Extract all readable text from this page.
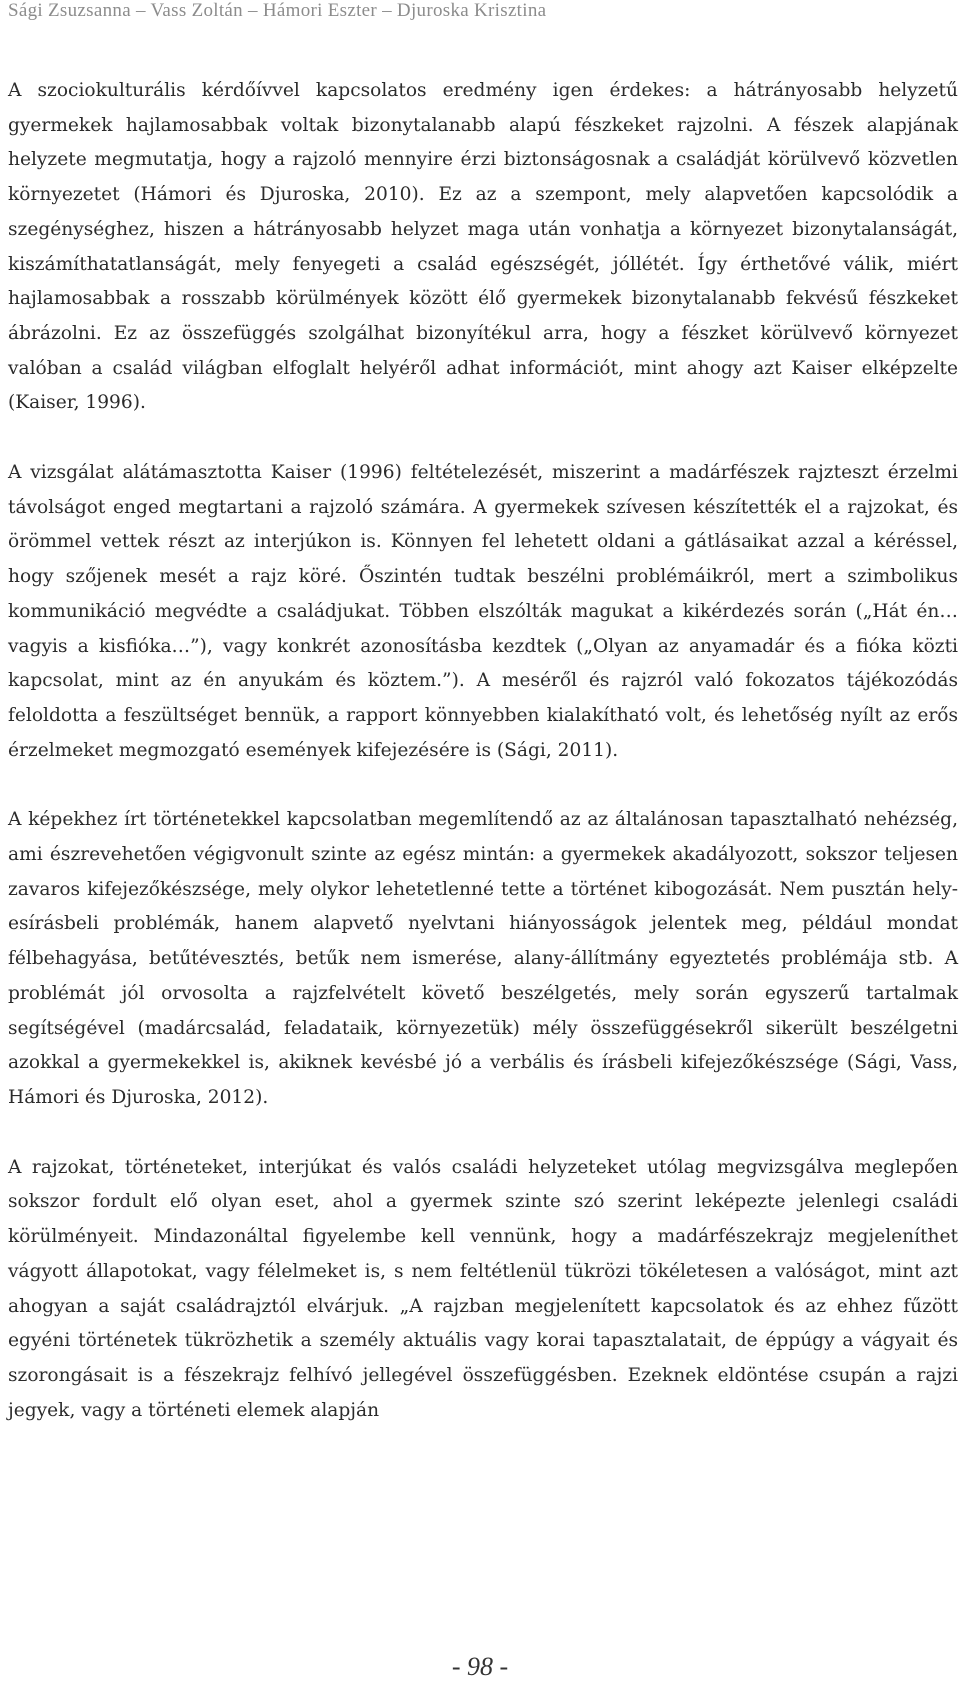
Sági Zsuzsanna – Vass Zoltán – Hámori Eszter – Djuroska Krisztina

A szociokulturális kérdőívvel kapcsolatos eredmény igen érdekes: a hátrányosabb helyzetű gyermekek hajlamosabbak voltak bizonytalanabb alapú fészkeket rajzolni. A fészek alapjának helyzete megmutatja, hogy a rajzoló mennyire érzi biztonságosnak a családját körülvevő közvetlen környezetet (Hámori és Djuroska, 2010). Ez az a szempont, mely alapvetően kapcsolódik a szegénységhez, hiszen a hátrányosabb helyzet maga után vonhatja a környezet bizonytalanságát, kiszámíthatatlanságát, mely fenyegeti a család egészségét, jóllétét. Így érthetővé válik, miért hajlamosabbak a rosszabb körülmények között élő gyermekek bizonytalanabb fekvésű fészkeket ábrázolni. Ez az összefüggés szolgálhat bizonyítékul arra, hogy a fészket körülvevő környezet valóban a család világban elfoglalt helyéről adhat információt, mint ahogy azt Kaiser elképzelte (Kaiser, 1996).

A vizsgálat alátámasztotta Kaiser (1996) feltételezését, miszerint a madárfészek rajzteszt érzelmi távolságot enged megtartani a rajzoló számára. A gyermekek szívesen készítették el a rajzokat, és örömmel vettek részt az interjúkon is. Könnyen fel lehetett oldani a gátlásaikat azzal a kéréssel, hogy szőjenek mesét a rajz köré. Őszintén tudtak beszélni problémáikról, mert a szimbolikus kommunikáció megvédte a családjukat. Többen elszólták magukat a kikérdezés során („Hát én… vagyis a kisfióka…”), vagy konkrét azonosításba kezdtek („Olyan az anyamadár és a fióka közti kapcsolat, mint az én anyukám és köztem.”). A meséről és rajzról való fokozatos tájékozódás feloldotta a feszültséget bennük, a rapport könnyebben kialakítható volt, és lehetőség nyílt az erős érzelmeket megmozgató események kifejezésére is (Sági, 2011).

A képekhez írt történetekkel kapcsolatban megemlítendő az az általánosan tapasztalható nehézség, ami észrevehetően végigvonult szinte az egész mintán: a gyermekek akadályozott, sokszor teljesen zavaros kifejezőkészsége, mely olykor lehetetlenné tette a történet kibogozását. Nem pusztán helyesírásbeli problémák, hanem alapvető nyelvtani hiányosságok jelentek meg, például mondat félbehagyása, betűtévesztés, betűk nem ismerése, alany-állítmány egyeztetés problémája stb. A problémát jól orvosolta a rajzfelvételt követő beszélgetés, mely során egyszerű tartalmak segítségével (madárcsalád, feladataik, környezetük) mély összefüggésekről sikerült beszélgetni azokkal a gyermekekkel is, akiknek kevésbé jó a verbális és írásbeli kifejezőkészsége (Sági, Vass, Hámori és Djuroska, 2012).

A rajzokat, történeteket, interjúkat és valós családi helyzeteket utólag megvizsgálva meglepően sokszor fordult elő olyan eset, ahol a gyermek szinte szó szerint leképezte jelenlegi családi körülményeit. Mindazonáltal figyelembe kell vennünk, hogy a madárfészekrajz megjeleníthet vágyott állapotokat, vagy félelmeket is, s nem feltétlenül tükrözi tökéletesen a valóságot, mint azt ahogyan a saját családrajztól elvárjuk. „A rajzban megjelenített kapcsolatok és az ehhez fűzött egyéni történetek tükrözhetik a személy aktuális vagy korai tapasztalatait, de éppúgy a vágyait és szorongásait is a fészekrajz felhívó jellegével összefüggésben. Ezeknek eldöntése csupán a rajzi jegyek, vagy a történeti elemek alapján

- 98 -
